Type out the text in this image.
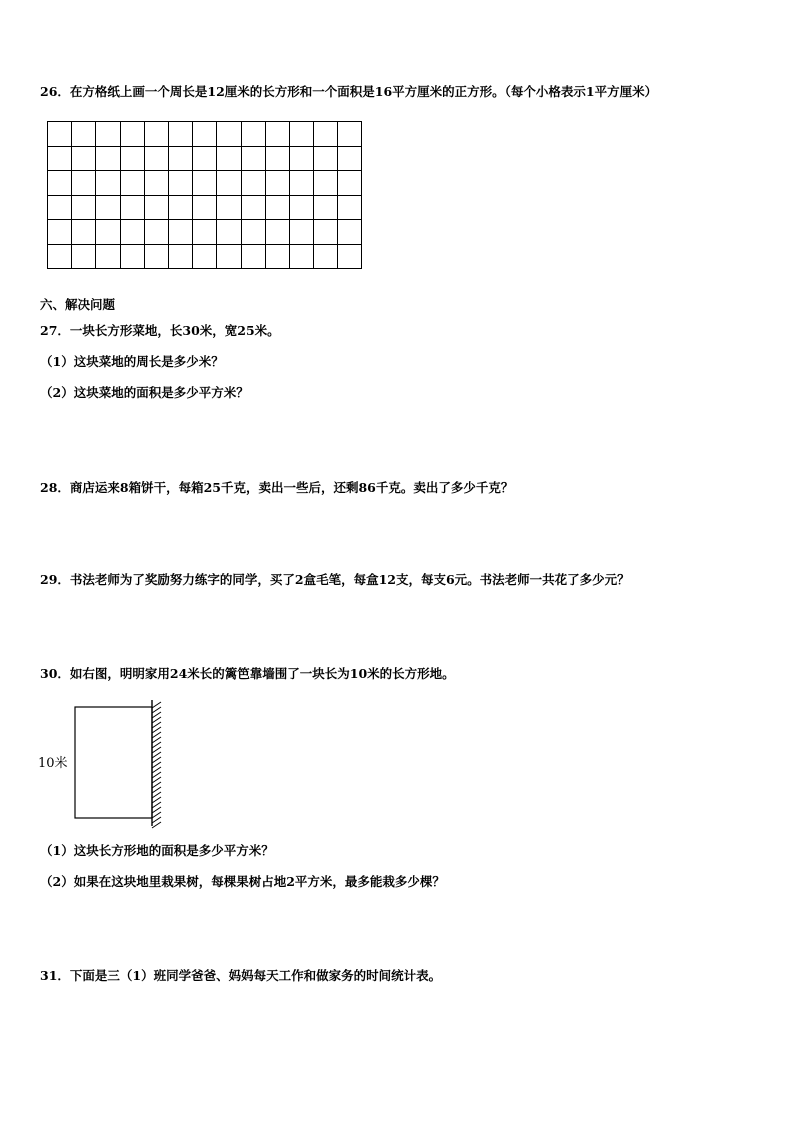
26．在方格纸上画一个周长是12厘米的长方形和一个面积是16平方厘米的正方形。（每个小格表示1平方厘米）

六、解决问题
27．一块长方形菜地，长30米，宽25米。
（1）这块菜地的周长是多少米？
（2）这块菜地的面积是多少平方米？
28．商店运来8箱饼干，每箱25千克，卖出一些后，还剩86千克。卖出了多少千克？
29．书法老师为了奖励努力练字的同学，买了2盒毛笔，每盒12支，每支6元。书法老师一共花了多少元？
30．如右图，明明家用24米长的篱笆靠墙围了一块长为10米的长方形地。
10米
（1）这块长方形地的面积是多少平方米？
（2）如果在这块地里栽果树，每棵果树占地2平方米，最多能栽多少棵？
31．下面是三（1）班同学爸爸、妈妈每天工作和做家务的时间统计表。
